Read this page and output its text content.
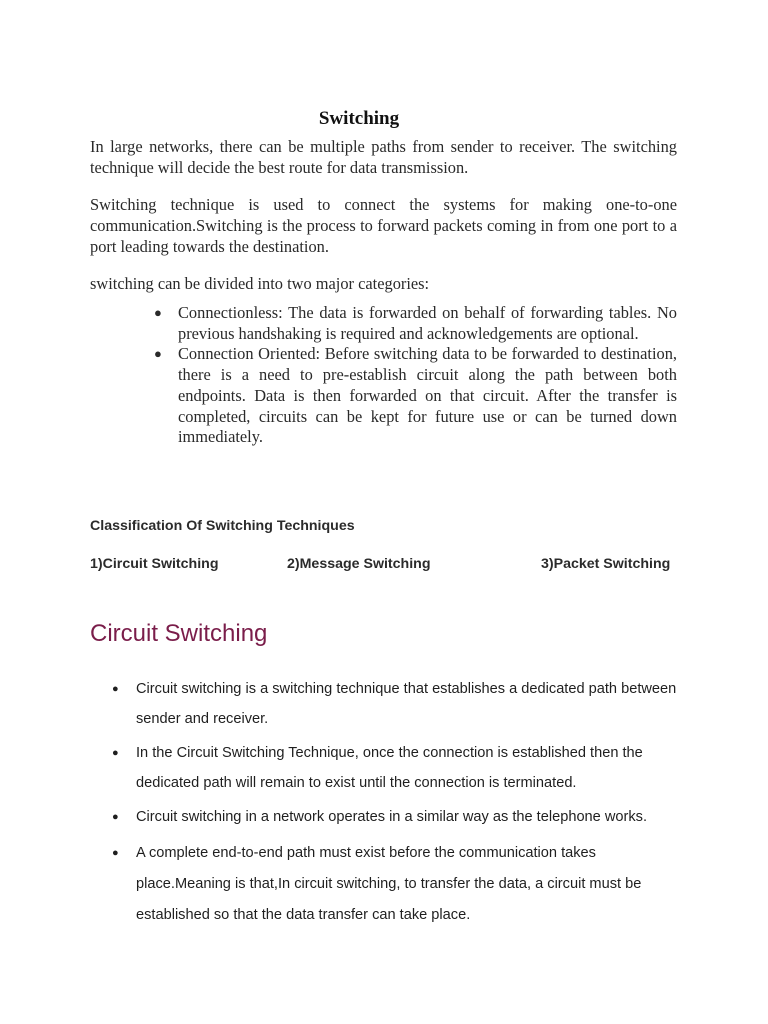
Switching

In large networks, there can be multiple paths from sender to receiver. The switching technique will decide the best route for data transmission.

Switching technique is used to connect the systems for making one-to-one communication.Switching is the process to forward packets coming in from one port to a port leading towards the destination.

switching can be divided into two major categories:

● Connectionless: The data is forwarded on behalf of forwarding tables. No previous handshaking is required and acknowledgements are optional.
● Connection Oriented: Before switching data to be forwarded to destination, there is a need to pre-establish circuit along the path between both endpoints. Data is then forwarded on that circuit. After the transfer is completed, circuits can be kept for future use or can be turned down immediately.
Classification Of Switching Techniques
1)Circuit Switching	2)Message Switching	3)Packet Switching
Circuit Switching
● Circuit switching is a switching technique that establishes a dedicated path between sender and receiver.
● In the Circuit Switching Technique, once the connection is established then the dedicated path will remain to exist until the connection is terminated.
● Circuit switching in a network operates in a similar way as the telephone works.
● A complete end-to-end path must exist before the communication takes place.Meaning is that,In circuit switching, to transfer the data, a circuit must be established so that the data transfer can take place.
